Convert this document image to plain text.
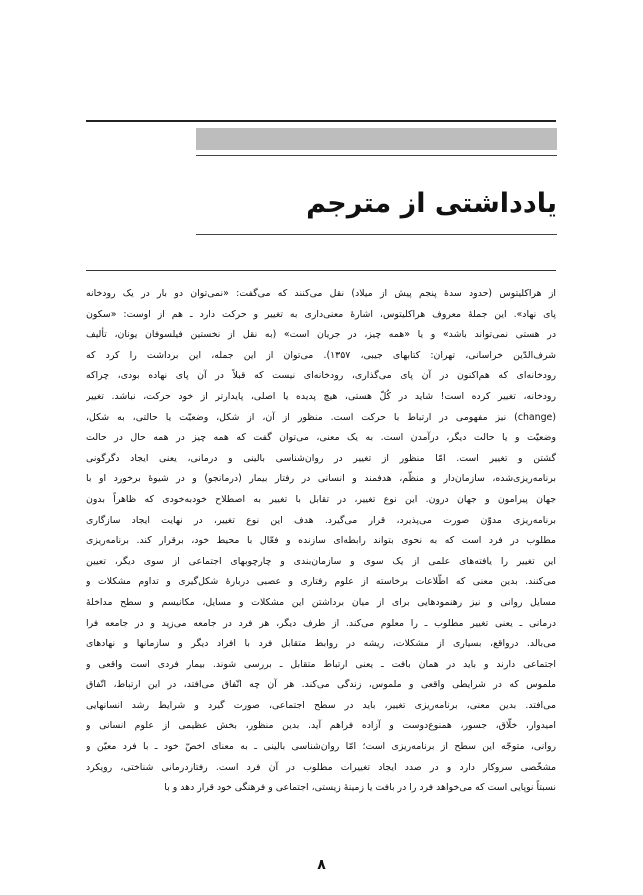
یادداشتی از مترجم
از هراکلیتوس (حدود سدهٔ پنجم پیش از میلاد) نقل می‌کنند که می‌گفت: «نمی‌توان دو بار در یک رودخانه
پای نهاد». این جملهٔ معروف هراکلیتوس، اشارهٔ معنی‌داری به تغییر و حرکت دارد ـ هم از اوست: «سکون
در هستی نمی‌تواند باشد» و یا «همه چیز، در جریان است» (به نقل از نخستین فیلسوفان یونان، تألیف
شرف‌الدّین خراسانی، تهران: کتابهای جیبی، ۱۳۵۷). می‌توان از این جمله، این برداشت را کرد که
رودخانه‌ای که هم‌اکنون در آن پای می‌گذاری، رودخانه‌ای نیست که قبلاً در آن پای نهاده بودی، چراکه
رودخانه، تغییر کرده است! شاید در کُلّ هستی، هیچ پدیده یا اصلی، پایدارتر از خود حرکت، نباشد. تغییر
(change) نیز مفهومی در ارتباط با حرکت است. منظور از آن، از شکل، وضعیّت یا حالتی، به شکل،
وضعیّت و یا حالت دیگر، درآمدن است. به یک معنی، می‌توان گفت که همه چیز در همه حال در حالت
گشتن و تغییر است. امّا منظور از تغییر در روان‌شناسی بالینی و درمانی، یعنی ایجاد دگرگونی
برنامه‌ریزی‌شده، سازمان‌دار و منظّم، هدفمند و انسانی در رفتار بیمار (درمانجو) و در شیوهٔ برخورد او با
جهان پیرامون و جهان درون. این نوع تغییر، در تقابل با تغییر به اصطلاح خودبه‌خودی که ظاهراً بدون
برنامه‌ریزی مدوّن صورت می‌پذیرد، قرار می‌گیرد. هدف این نوع تغییر، در نهایت ایجاد سازگاری
مطلوب در فرد است که به نحوی بتواند رابطه‌ای سازنده و فعّال با محیط خود، برقرار کند. برنامه‌ریزی
این تغییر را یافته‌های علمی از یک سوی و سازمان‌بندی و چارچوبهای اجتماعی از سوی دیگر، تعیین
می‌کنند. بدین معنی که اطّلاعات برخاسته از علوم رفتاری و عصبی دربارهٔ شکل‌گیری و تداوم مشکلات و
مسایل روانی و نیز رهنمودهایی برای از میان برداشتن این مشکلات و مسایل، مکانیسم و سطح مداخلهٔ
درمانی ـ یعنی تغییر مطلوب ـ را معلوم می‌کند. از طرف دیگر، هر فرد در جامعه می‌زید و در جامعه فرا
می‌بالد. درواقع، بسیاری از مشکلات، ریشه در روابط متقابل فرد با افراد دیگر و سازمانها و نهادهای
اجتماعی دارند و باید در همان بافت ـ یعنی ارتباط متقابل ـ بررسی شوند. بیمار فردی است واقعی و
ملموس که در شرایطی واقعی و ملموس، زندگی می‌کند. هر آن چه اتّفاق می‌افتد، در این ارتباط، اتّفاق
می‌افتد. بدین معنی، برنامه‌ریزی تغییر، باید در سطح اجتماعی، صورت گیرد و شرایط رشد انسانهایی
امیدوار، خلّاق، جسور، همنوع‌دوست و آزاده فراهم آید. بدین منظور، بخش عظیمی از علوم انسانی و
روانی، متوجّه این سطح از برنامه‌ریزی است؛ امّا روان‌شناسی بالینی ـ به معنای اخصّ خود ـ با فرد معیّن و
مشخّصی سروکار دارد و در صدد ایجاد تغییرات مطلوب در آن فرد است. رفتاردرمانی شناختی، رویکرد
نسبتاً نوپایی است که می‌خواهد فرد را در بافت یا زمینهٔ زیستی، اجتماعی و فرهنگی خود قرار دهد و با
۸
